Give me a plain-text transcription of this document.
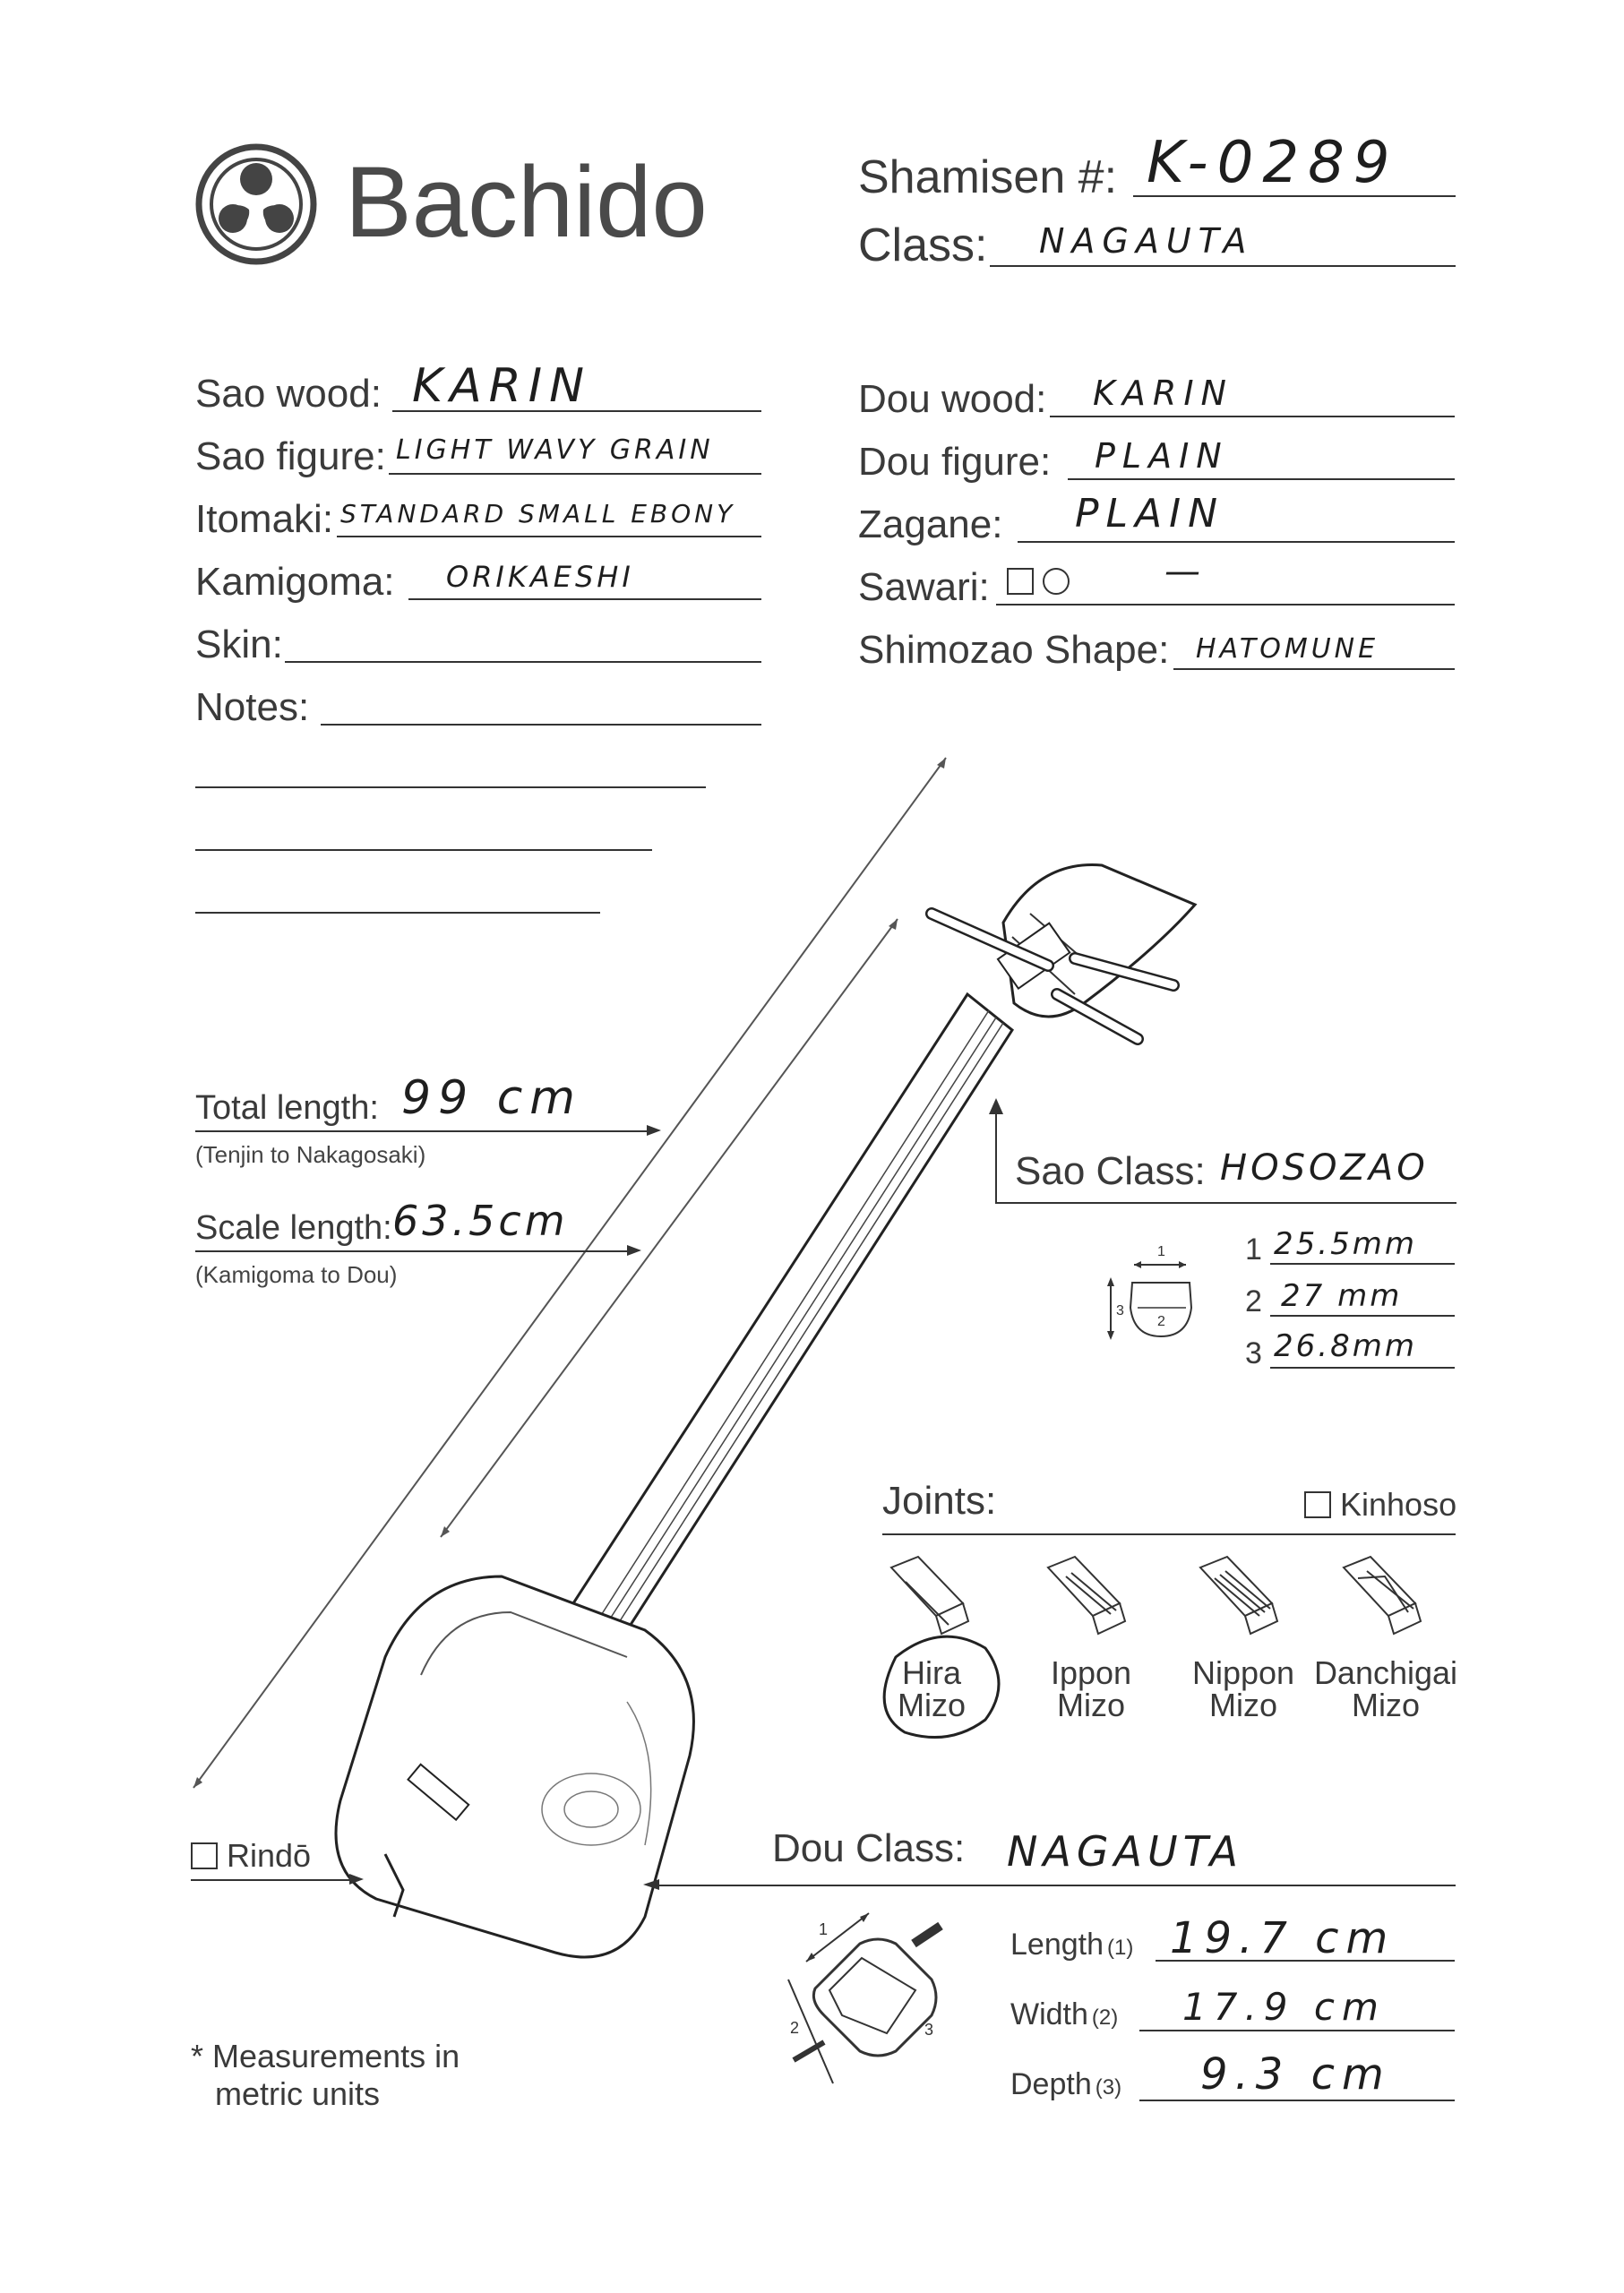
Bachido	Shamisen #: K-0289
Class: NAGAUTA
Sao wood: KARIN
Sao figure: LIGHT WAVY GRAIN
Itomaki: STANDARD SMALL EBONY
Kamigoma: ORIKAESHI
Skin:
Notes:
Dou wood: KARIN
Dou figure: PLAIN
Zagane: PLAIN
Sawari:	—
Shimozao Shape: HATOMUNE
Total length: 99 cm
(Tenjin to Nakagosaki)
Scale length: 63.5cm
(Kamigoma to Dou)
Sao Class: HOSOZAO
1
2
3
1 25.5mm
2 27 mm
3 26.8mm
Joints:	Kinhoso
Hira
Mizo
Ippon
Mizo
Nippon
Mizo
Danchigai
Mizo
Rindō	Dou Class: NAGAUTA
1
2	3
Length (1) 19.7 cm
Width (2) 17.9 cm
Depth (3) 9.3 cm
* Measurements in
metric units
